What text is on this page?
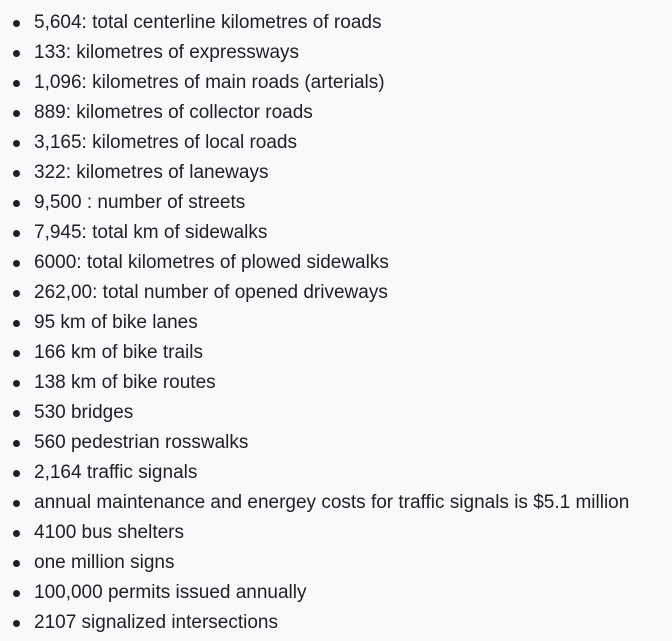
5,604: total centerline kilometres of roads
133: kilometres of expressways
1,096: kilometres of main roads (arterials)
889: kilometres of collector roads
3,165: kilometres of local roads
322: kilometres of laneways
9,500 : number of streets
7,945: total km of sidewalks
6000: total kilometres of plowed sidewalks
262,00: total number of opened driveways
95 km of bike lanes
166 km of bike trails
138 km of bike routes
530 bridges
560 pedestrian rosswalks
2,164 traffic signals
annual maintenance and energey costs for traffic signals is $5.1 million
4100 bus shelters
one million signs
100,000 permits issued annually
2107 signalized intersections
